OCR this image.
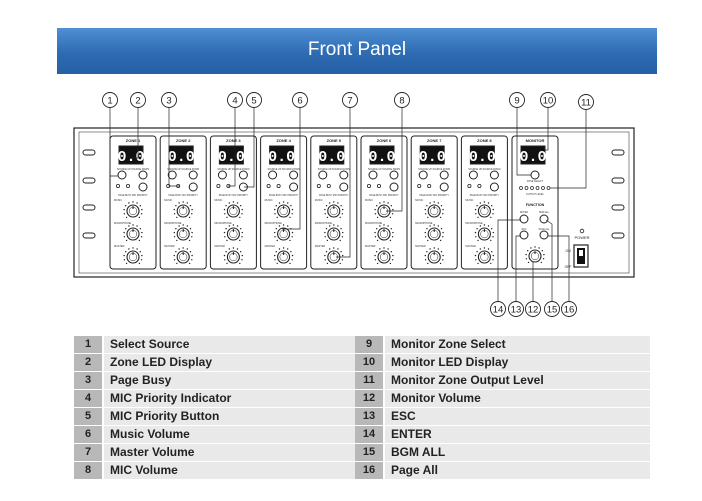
Front Panel
ZONE 1
0.0
SOURCE UP SOURCE DOWN
PAGE BUSY MIC PRIORITY
MUSIC
MICROPHONE
MASTER
ZONE 2
0.0
SOURCE UP SOURCE DOWN
PAGE BUSY MIC PRIORITY
MUSIC
MICROPHONE
MASTER
ZONE 3
0.0
SOURCE UP SOURCE DOWN
PAGE BUSY MIC PRIORITY
MUSIC
MICROPHONE
MASTER
ZONE 4
0.0
SOURCE UP SOURCE DOWN
PAGE BUSY MIC PRIORITY
MUSIC
MICROPHONE
MASTER
ZONE 5
0.0
SOURCE UP SOURCE DOWN
PAGE BUSY MIC PRIORITY
MUSIC
MICROPHONE
MASTER
ZONE 6
0.0
SOURCE UP SOURCE DOWN
PAGE BUSY MIC PRIORITY
MUSIC
MICROPHONE
MASTER
ZONE 7
0.0
SOURCE UP SOURCE DOWN
PAGE BUSY MIC PRIORITY
MUSIC
MICROPHONE
MASTER
ZONE 8
0.0
SOURCE UP SOURCE DOWN
PAGE BUSY MIC PRIORITY
MUSIC
MICROPHONE
MASTER
MONITOR
0.0
ZONE SELECT
OUTPUT LEVEL
FUNCTION
ENTER	BGM ALL
ESC	PAGE ALL
POWER
ON
OFF
1 2	3	4 5	6	7	8	9 10	11
14 13 12 15 16
1	Select Source
2	Zone LED Display
3	Page Busy
4	MIC Priority Indicator
5	MIC Priority Button
6	Music Volume
7	Master Volume
8	MIC Volume
9	Monitor Zone Select
10	Monitor LED Display
11	Monitor Zone Output Level
12	Monitor Volume
13	ESC
14	ENTER
15	BGM ALL
16	Page All
